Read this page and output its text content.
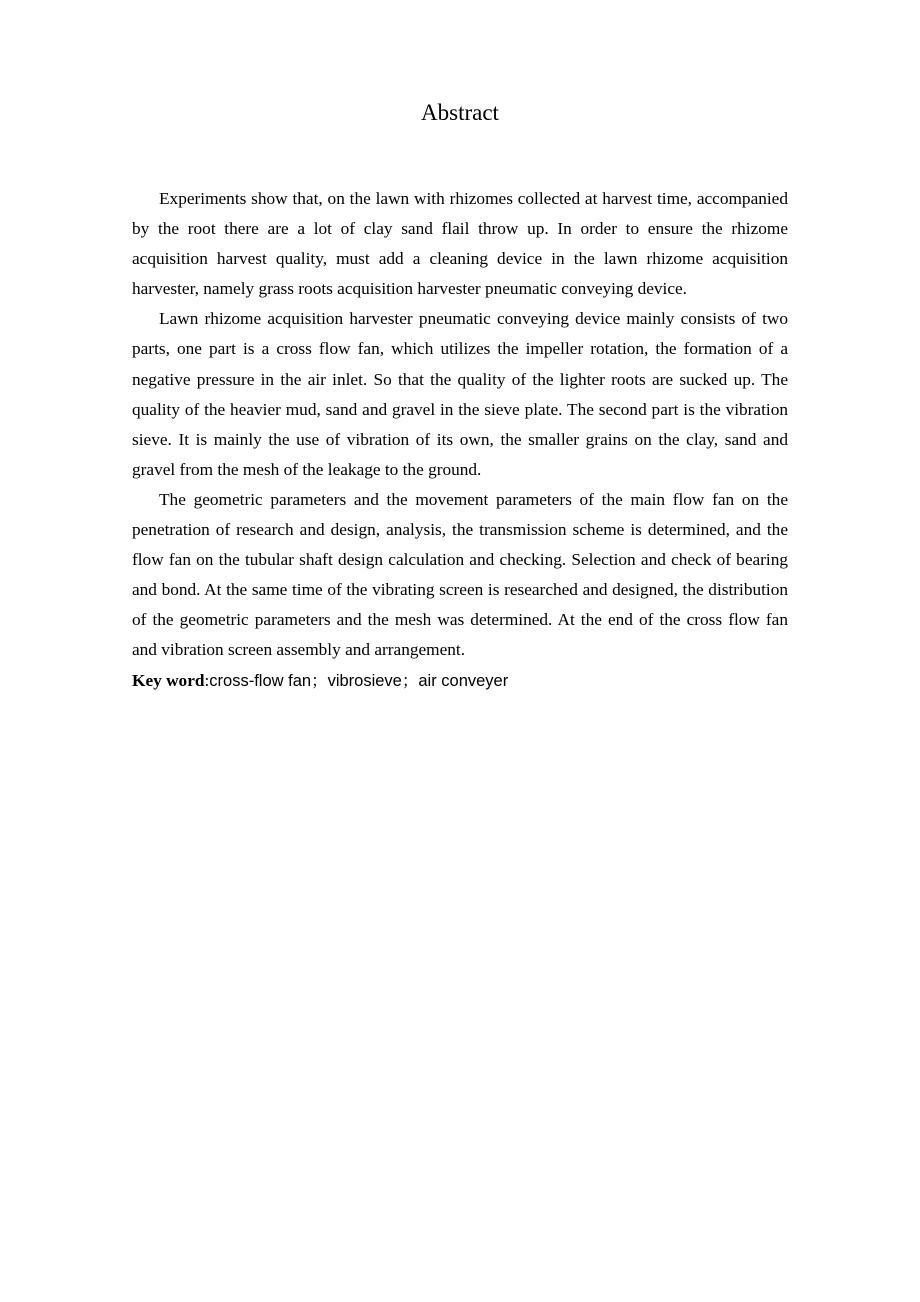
Abstract

Experiments show that, on the lawn with rhizomes collected at harvest time, accompanied by the root there are a lot of clay sand flail throw up. In order to ensure the rhizome acquisition harvest quality, must add a cleaning device in the lawn rhizome acquisition harvester, namely grass roots acquisition harvester pneumatic conveying device.

Lawn rhizome acquisition harvester pneumatic conveying device mainly consists of two parts, one part is a cross flow fan, which utilizes the impeller rotation, the formation of a negative pressure in the air inlet. So that the quality of the lighter roots are sucked up. The quality of the heavier mud, sand and gravel in the sieve plate. The second part is the vibration sieve. It is mainly the use of vibration of its own, the smaller grains on the clay, sand and gravel from the mesh of the leakage to the ground.

The geometric parameters and the movement parameters of the main flow fan on the penetration of research and design, analysis, the transmission scheme is determined, and the flow fan on the tubular shaft design calculation and checking. Selection and check of bearing and bond. At the same time of the vibrating screen is researched and designed, the distribution of the geometric parameters and the mesh was determined. At the end of the cross flow fan and vibration screen assembly and arrangement.

Key word:cross-flow fan；vibrosieve；air conveyer
